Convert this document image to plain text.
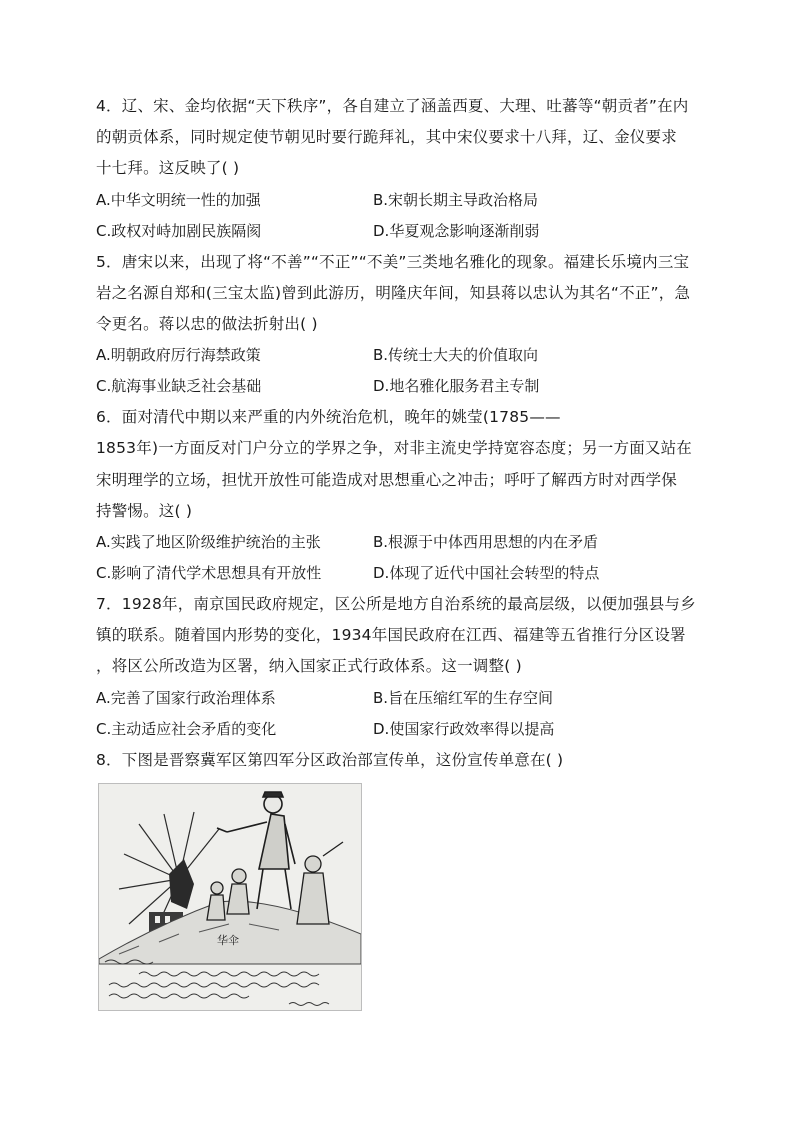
4．辽、宋、金均依据“天下秩序”，各自建立了涵盖西夏、大理、吐蕃等“朝贡者”在内
的朝贡体系，同时规定使节朝见时要行跪拜礼，其中宋仪要求十八拜，辽、金仪要求
十七拜。这反映了( )
A.中华文明统一性的加强	B.宋朝长期主导政治格局
C.政权对峙加剧民族隔阂	D.华夏观念影响逐渐削弱
5．唐宋以来，出现了将“不善”“不正”“不美”三类地名雅化的现象。福建长乐境内三宝
岩之名源自郑和(三宝太监)曾到此游历，明隆庆年间，知县蒋以忠认为其名“不正”，急
令更名。蒋以忠的做法折射出( )
A.明朝政府厉行海禁政策	B.传统士大夫的价值取向
C.航海事业缺乏社会基础	D.地名雅化服务君主专制
6．面对清代中期以来严重的内外统治危机，晚年的姚莹(1785——
1853年)一方面反对门户分立的学界之争，对非主流史学持宽容态度；另一方面又站在
宋明理学的立场，担忧开放性可能造成对思想重心之冲击；呼吁了解西方时对西学保
持警惕。这( )
A.实践了地区阶级维护统治的主张	B.根源于中体西用思想的内在矛盾
C.影响了清代学术思想具有开放性	D.体现了近代中国社会转型的特点
7．1928年，南京国民政府规定，区公所是地方自治系统的最高层级，以便加强县与乡
镇的联系。随着国内形势的变化，1934年国民政府在江西、福建等五省推行分区设署
，将区公所改造为区署，纳入国家正式行政体系。这一调整( )
A.完善了国家行政治理体系	B.旨在压缩红军的生存空间
C.主动适应社会矛盾的变化	D.使国家行政效率得以提高
8．下图是晋察冀军区第四军分区政治部宣传单，这份宣传单意在( )
华伞
